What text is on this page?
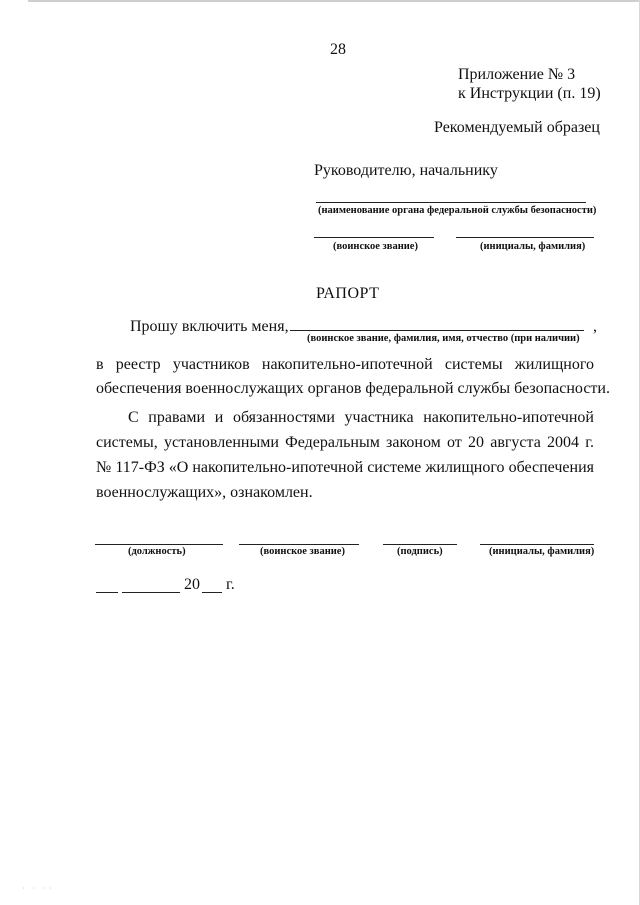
28
Приложение № 3
к Инструкции (п. 19)
Рекомендуемый образец
Руководителю, начальнику
(наименование органа федеральной службы безопасности)
(воинское звание)	(инициалы, фамилия)
РАПОРТ
Прошу включить меня,	,
(воинское звание, фамилия, имя, отчество (при наличии)
в реестр участников накопительно-ипотечной системы жилищного
обеспечения военнослужащих органов федеральной службы безопасности.
С правами и обязанностями участника накопительно-ипотечной
системы, установленными Федеральным законом от 20 августа 2004 г.
№ 117-ФЗ «О накопительно-ипотечной системе жилищного обеспечения
военнослужащих», ознакомлен.
(должность)	(воинское звание)	(подпись)	(инициалы, фамилия)
20 г.
· · ··
